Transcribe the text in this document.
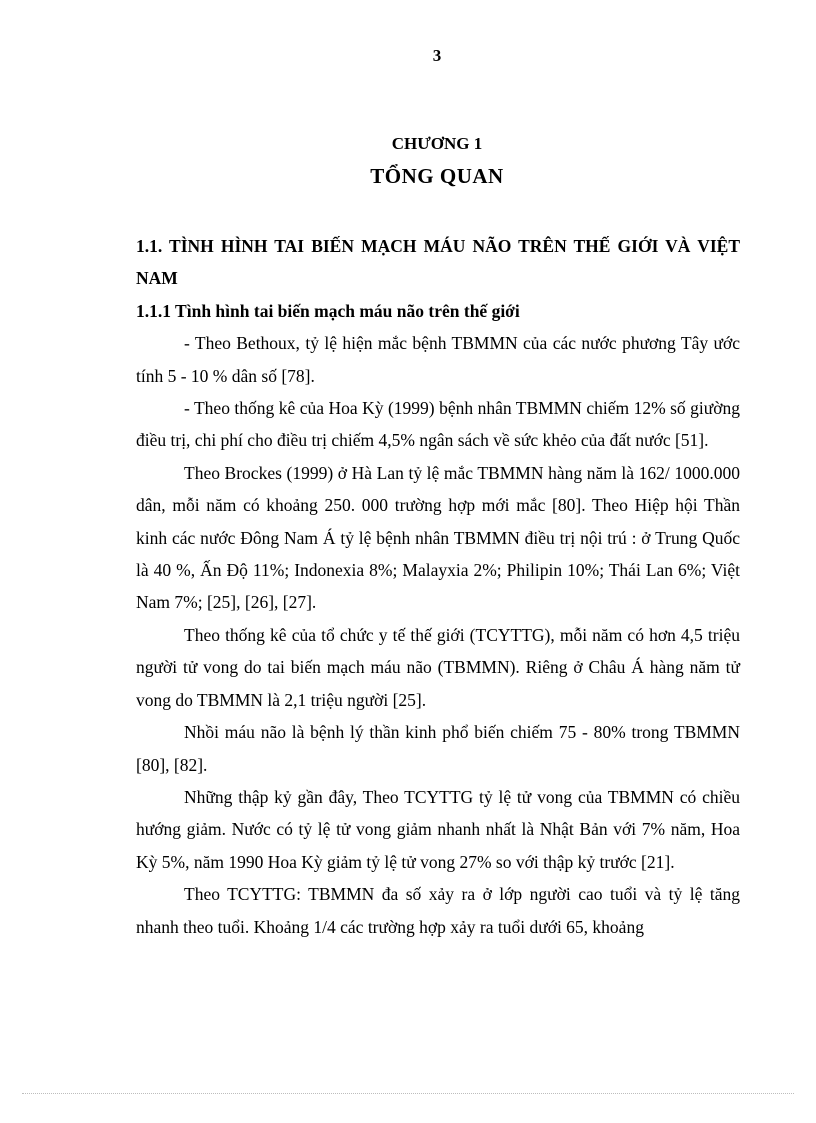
3
CHƯƠNG 1
TỔNG QUAN

1.1. TÌNH HÌNH TAI BIẾN MẠCH MÁU NÃO TRÊN THẾ GIỚI VÀ VIỆT NAM

1.1.1 Tình hình tai biến mạch máu não trên thế giới

- Theo Bethoux, tỷ lệ hiện mắc bệnh TBMMN của các nước phương Tây ước tính 5 - 10 % dân số [78].

- Theo thống kê của Hoa Kỳ (1999) bệnh nhân TBMMN chiếm 12% số giường điều trị, chi phí cho điều trị chiếm 4,5% ngân sách về sức khẻo của đất nước [51].

Theo Brockes (1999) ở Hà Lan tỷ lệ mắc TBMMN hàng năm là 162/ 1000.000 dân, mỗi năm có khoảng 250. 000 trường hợp mới mắc [80]. Theo Hiệp hội Thần kinh các nước Đông Nam Á tỷ lệ bệnh nhân TBMMN điều trị nội trú : ở Trung Quốc là 40 %, Ấn Độ 11%; Indonexia 8%; Malayxia 2%; Philipin 10%; Thái Lan 6%; Việt Nam 7%; [25], [26], [27].

Theo thống kê của tổ chức y tế thế giới (TCYTTG), mỗi năm có hơn 4,5 triệu người tử vong do tai biến mạch máu não (TBMMN). Riêng ở Châu Á hàng năm tử vong do TBMMN là 2,1 triệu người [25].

Nhồi máu não là bệnh lý thần kinh phổ biến chiếm 75 - 80% trong TBMMN [80], [82].

Những thập kỷ gần đây, Theo TCYTTG tỷ lệ tử vong của TBMMN có chiều hướng giảm. Nước có tỷ lệ tử vong giảm nhanh nhất là Nhật Bản với 7% năm, Hoa Kỳ 5%, năm 1990 Hoa Kỳ giảm tỷ lệ tử vong 27% so với thập kỷ trước [21].

Theo TCYTTG: TBMMN đa số xảy ra ở lớp người cao tuổi và tỷ lệ tăng nhanh theo tuổi. Khoảng 1/4 các trường hợp xảy ra tuổi dưới 65, khoảng
